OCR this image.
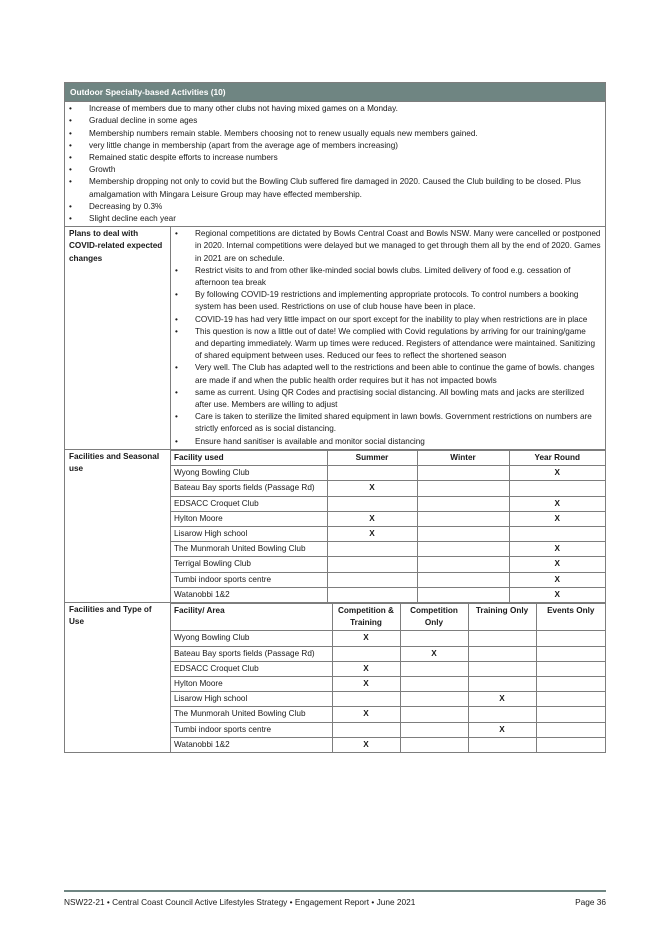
Outdoor Specialty-based Activities (10)

• Increase of members due to many other clubs not having mixed games on a Monday.
• Gradual decline in some ages
• Membership numbers remain stable. Members choosing not to renew usually equals new members gained.
• very little change in membership (apart from the average age of members increasing)
• Remained static despite efforts to increase numbers
• Growth
• Membership dropping not only to covid but the Bowling Club suffered fire damaged in 2020. Caused the Club building to be closed. Plus amalgamation with Mingara Leisure Group may have effected membership.
• Decreasing by 0.3%
• Slight decline each year

Plans to deal with COVID-related expected changes	
• Regional competitions are dictated by Bowls Central Coast and Bowls NSW. Many were cancelled or postponed in 2020. Internal competitions were delayed but we managed to get through them all by the end of 2020. Games in 2021 are on schedule.
• Restrict visits to and from other like-minded social bowls clubs. Limited delivery of food e.g. cessation of afternoon tea break
• By following COVID-19 restrictions and implementing appropriate protocols. To control numbers a booking system has been used. Restrictions on use of club house have been in place.
• COVID-19 has had very little impact on our sport except for the inability to play when restrictions are in place
• This question is now a little out of date! We complied with Covid regulations by arriving for our training/game and departing immediately. Warm up times were reduced. Registers of attendance were maintained. Sanitizing of shared equipment between uses. Reduced our fees to reflect the shortened season
• Very well. The Club has adapted well to the restrictions and been able to continue the game of bowls. changes are made if and when the public health order requires but it has not impacted bowls
• same as current. Using QR Codes and practising social distancing. All bowling mats and jacks are sterilized after use. Members are willing to adjust
• Care is taken to sterilize the limited shared equipment in lawn bowls. Government restrictions on numbers are strictly enforced as is social distancing.
• Ensure hand sanitiser is available and monitor social distancing

Facilities and Seasonal use	
Facility used	Summer	Winter	Year Round
Wyong Bowling Club			X
Bateau Bay sports fields (Passage Rd)	X		
EDSACC Croquet Club			X
Hylton Moore	X		X
Lisarow High school	X		
The Munmorah United Bowling Club			X
Terrigal Bowling Club			X
Tumbi indoor sports centre			X
Watanobbi 1&2			X

Facilities and Type of Use	
Facility/ Area	Competition & Training	Competition Only	Training Only	Events Only
Wyong Bowling Club	X			
Bateau Bay sports fields (Passage Rd)		X		
EDSACC Croquet Club	X			
Hylton Moore	X			
Lisarow High school			X	
The Munmorah United Bowling Club	X			
Tumbi indoor sports centre			X	
Watanobbi 1&2	X			
NSW22-21 • Central Coast Council Active Lifestyles Strategy • Engagement Report • June 2021	Page 36
